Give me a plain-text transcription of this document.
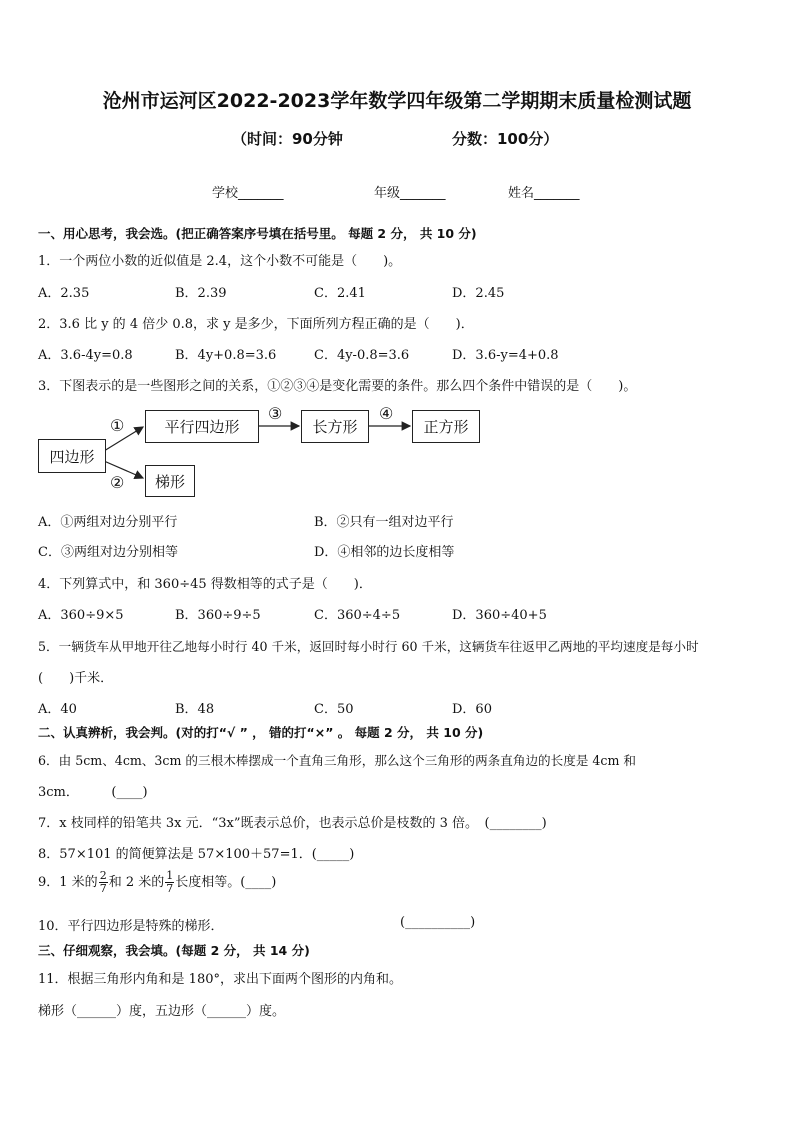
沧州市运河区2022-2023学年数学四年级第二学期期末质量检测试题
（时间：90分钟	分数：100分）
学校_______	年级_______	姓名_______
一、用心思考，我会选。(把正确答案序号填在括号里。 每题 2 分， 共 10 分)
1．一个两位小数的近似值是 2.4，这个小数不可能是（　　)。
A．2.35	B．2.39	C．2.41	D．2.45
2．3.6 比 y 的 4 倍少 0.8，求 y 是多少，下面所列方程正确的是（　　)．
A．3.6-4y=0.8	B．4y+0.8=3.6	C．4y-0.8=3.6	D．3.6-y=4+0.8
3．下图表示的是一些图形之间的关系，①②③④是变化需要的条件。那么四个条件中错误的是（　　)。
四边形
平行四边形	长方形	正方形
梯形
①
②
③	④
A．①两组对边分别平行	B．②只有一组对边平行
C．③两组对边分别相等	D．④相邻的边长度相等
4．下列算式中，和 360÷45 得数相等的式子是（　　)．
A．360÷9×5	B．360÷9÷5	C．360÷4÷5	D．360÷40+5
5．一辆货车从甲地开往乙地每小时行 40 千米，返回时每小时行 60 千米，这辆货车往返甲乙两地的平均速度是每小时
(　　)千米．
A．40	B．48	C．50	D．60
二、认真辨析，我会判。(对的打“√ ” ， 错的打“×” 。 每题 2 分， 共 10 分)
6．由 5cm、4cm、3cm 的三根木棒摆成一个直角三角形，那么这个三角形的两条直角边的长度是 4cm 和
3cm．　　　(____)
7．x 枝同样的铅笔共 3x 元．“3x”既表示总价，也表示总价是枝数的 3 倍。　(________)
8．57×101 的简便算法是 57×100＋57=1．(_____)
9．1 米的 $\frac{2}{7}$ 和 2 米的 $\frac{1}{7}$ 长度相等。(____)
10．平行四边形是特殊的梯形．	(__________)
三、仔细观察，我会填。(每题 2 分， 共 14 分)
11．根据三角形内角和是 180°，求出下面两个图形的内角和。
梯形（______）度，五边形（______）度。
